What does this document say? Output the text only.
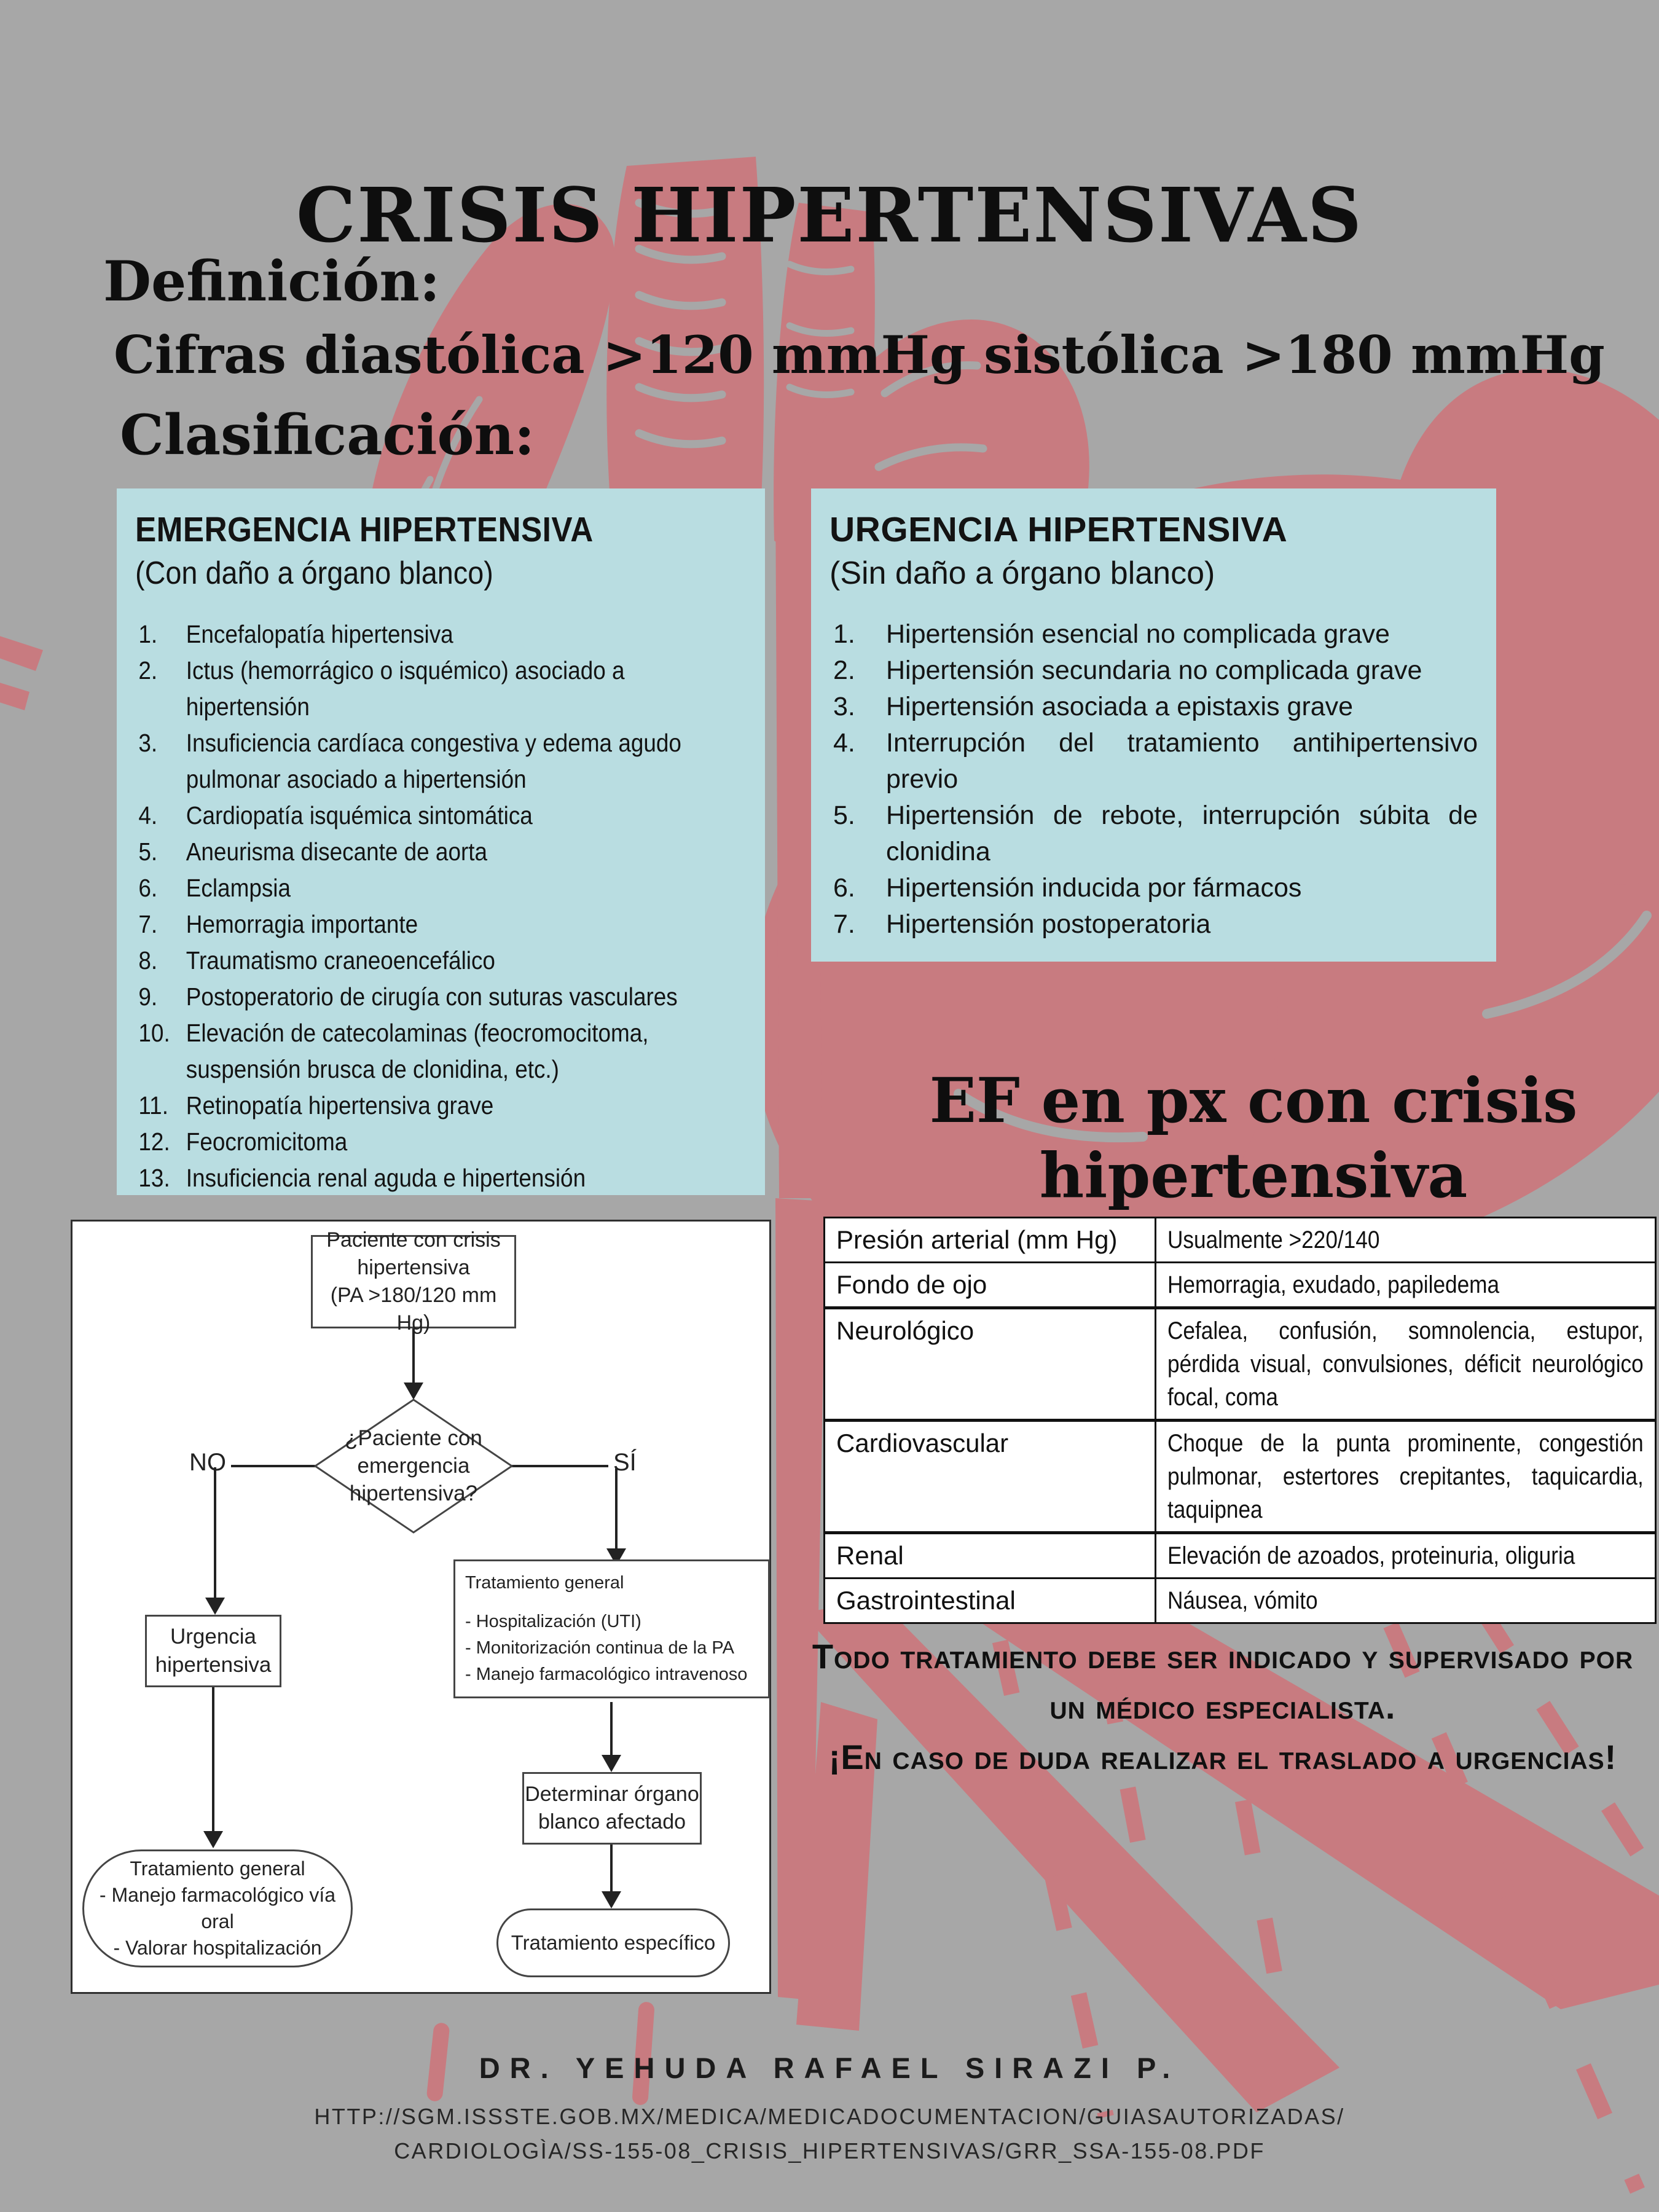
CRISIS HIPERTENSIVAS
Definición:
Cifras diastólica >120 mmHg sistólica >180 mmHg
Clasificación:
EMERGENCIA HIPERTENSIVA
(Con daño a órgano blanco)
Encefalopatía hipertensiva
Ictus (hemorrágico o isquémico) asociado a hipertensión
Insuficiencia cardíaca congestiva y edema agudo pulmonar asociado a hipertensión
Cardiopatía isquémica sintomática
Aneurisma disecante de aorta
Eclampsia
Hemorragia importante
Traumatismo craneoencefálico
Postoperatorio de cirugía con suturas vasculares
Elevación de catecolaminas (feocromocitoma, suspensión brusca de clonidina, etc.)
Retinopatía hipertensiva grave
Feocromicitoma
Insuficiencia renal aguda e hipertensión
URGENCIA HIPERTENSIVA
(Sin daño a órgano blanco)
Hipertensión esencial no complicada grave
Hipertensión secundaria no complicada grave
Hipertensión asociada a epistaxis grave
Interrupción del tratamiento antihipertensivo previo
Hipertensión de rebote, interrupción súbita de clonidina
Hipertensión inducida por fármacos
Hipertensión postoperatoria
EF en px con crisis
hipertensiva
Presión arterial (mm Hg)	Usualmente >220/140

Fondo de ojo	Hemorragia, exudado, papiledema

Neurológico	Cefalea, confusión, somnolencia, estupor, pérdida visual, convulsiones, déficit neurológico focal, coma

Cardiovascular	Choque de la punta prominente, congestión pulmonar, estertores crepitantes, taquicardia, taquipnea

Renal	Elevación de azoados, proteinuria, oliguria

Gastrointestinal	Náusea, vómito
Paciente con crisis
hipertensiva
(PA >180/120 mm Hg)
¿Paciente con
emergencia
hipertensiva?
NO	SÍ
Urgencia
hipertensiva
Tratamiento general
- Hospitalización (UTI)
- Monitorización continua de la PA
- Manejo farmacológico intravenoso
Tratamiento general
- Manejo farmacológico vía
oral
- Valorar hospitalización
Determinar órgano
blanco afectado
Tratamiento específico
Todo tratamiento debe ser indicado y supervisado por
un médico especialista.
¡En caso de duda realizar el traslado a urgencias!
DR. YEHUDA RAFAEL SIRAZI P.
HTTP://SGM.ISSSTE.GOB.MX/MEDICA/MEDICADOCUMENTACION/GUIASAUTORIZADAS/
CARDIOLOGÌA/SS-155-08_CRISIS_HIPERTENSIVAS/GRR_SSA-155-08.PDF
